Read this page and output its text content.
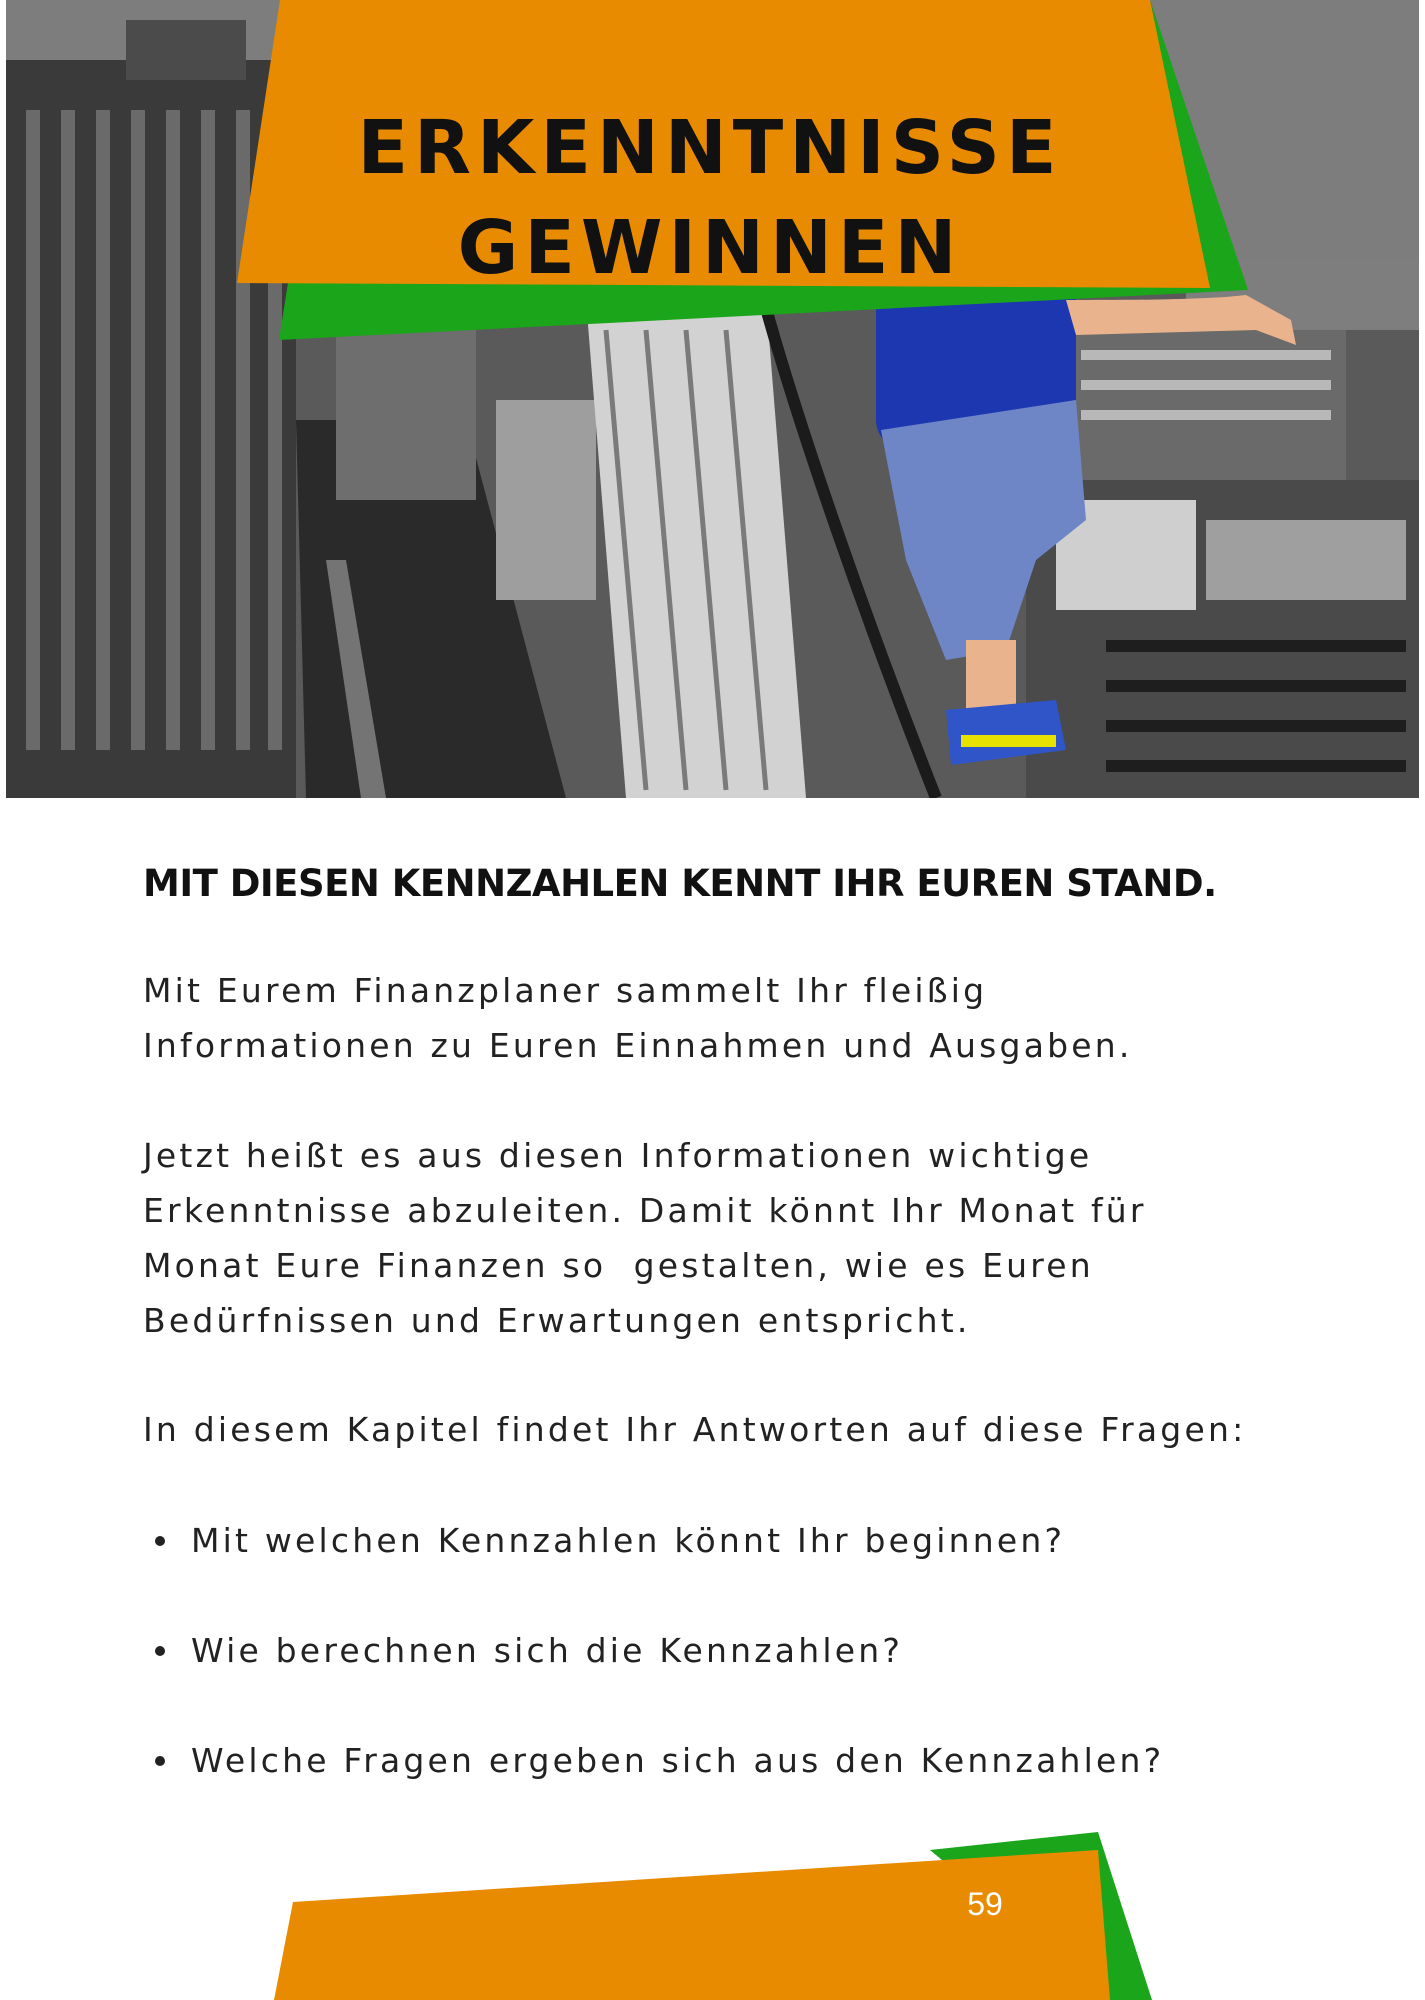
ERKENNTNISSE
GEWINNEN
MIT DIESEN KENNZAHLEN KENNT IHR EUREN STAND.

Mit Eurem Finanzplaner sammelt Ihr fleißig
Informationen zu Euren Einnahmen und Ausgaben.

Jetzt heißt es aus diesen Informationen wichtige
Erkenntnisse abzuleiten. Damit könnt Ihr Monat für
Monat Eure Finanzen so  gestalten, wie es Euren
Bedürfnissen und Erwartungen entspricht.

In diesem Kapitel findet Ihr Antworten auf diese Fragen:

Mit welchen Kennzahlen könnt Ihr beginnen?
Wie berechnen sich die Kennzahlen?
Welche Fragen ergeben sich aus den Kennzahlen?
59
